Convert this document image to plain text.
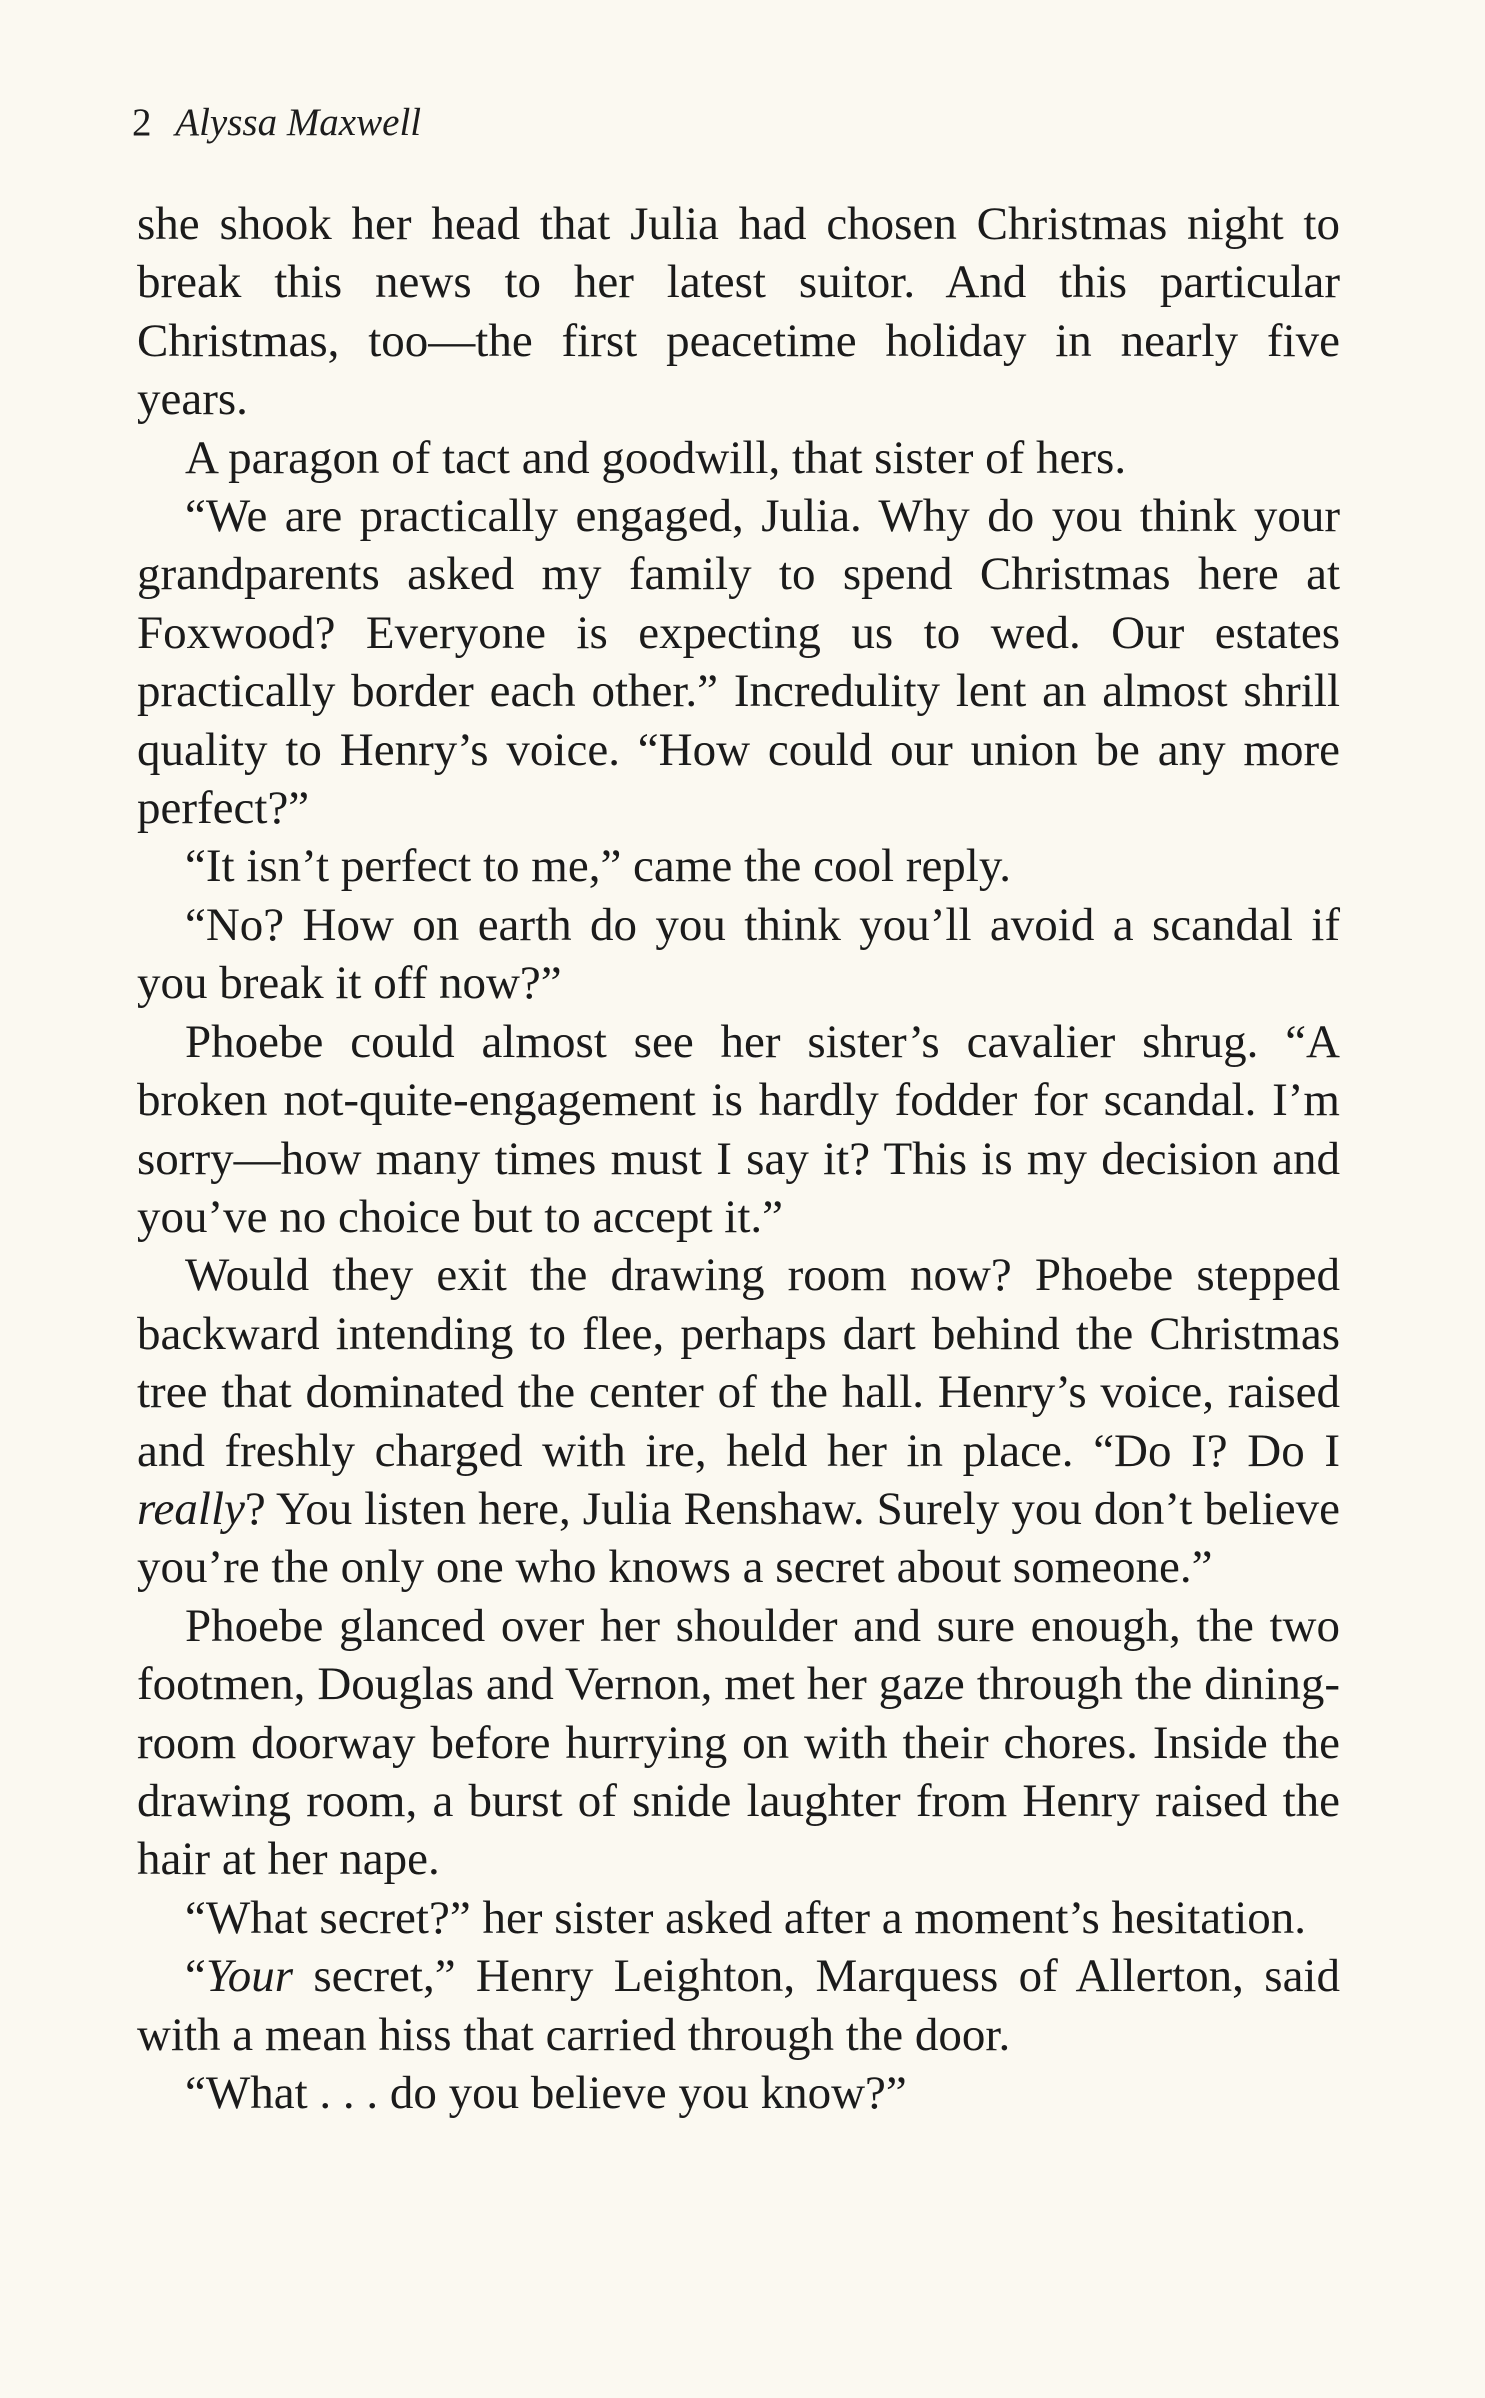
2 Alyssa Maxwell

she shook her head that Julia had chosen Christmas night to break this news to her latest suitor. And this particular Christmas, too—the first peacetime holiday in nearly five years.

A paragon of tact and goodwill, that sister of hers.

“We are practically engaged, Julia. Why do you think your grandparents asked my family to spend Christmas here at Foxwood? Everyone is expecting us to wed. Our estates practically border each other.” Incredulity lent an almost shrill quality to Henry’s voice. “How could our union be any more perfect?”

“It isn’t perfect to me,” came the cool reply.

“No? How on earth do you think you’ll avoid a scandal if you break it off now?”

Phoebe could almost see her sister’s cavalier shrug. “A broken not-quite-engagement is hardly fodder for scandal. I’m sorry—how many times must I say it? This is my decision and you’ve no choice but to accept it.”

Would they exit the drawing room now? Phoebe stepped backward intending to flee, perhaps dart behind the Christmas tree that dominated the center of the hall. Henry’s voice, raised and freshly charged with ire, held her in place. “Do I? Do I really? You listen here, Julia Renshaw. Surely you don’t believe you’re the only one who knows a secret about someone.”

Phoebe glanced over her shoulder and sure enough, the two footmen, Douglas and Vernon, met her gaze through the dining-room doorway before hurrying on with their chores. Inside the drawing room, a burst of snide laughter from Henry raised the hair at her nape.

“What secret?” her sister asked after a moment’s hesitation.

“Your secret,” Henry Leighton, Marquess of Allerton, said with a mean hiss that carried through the door.

“What . . . do you believe you know?”
